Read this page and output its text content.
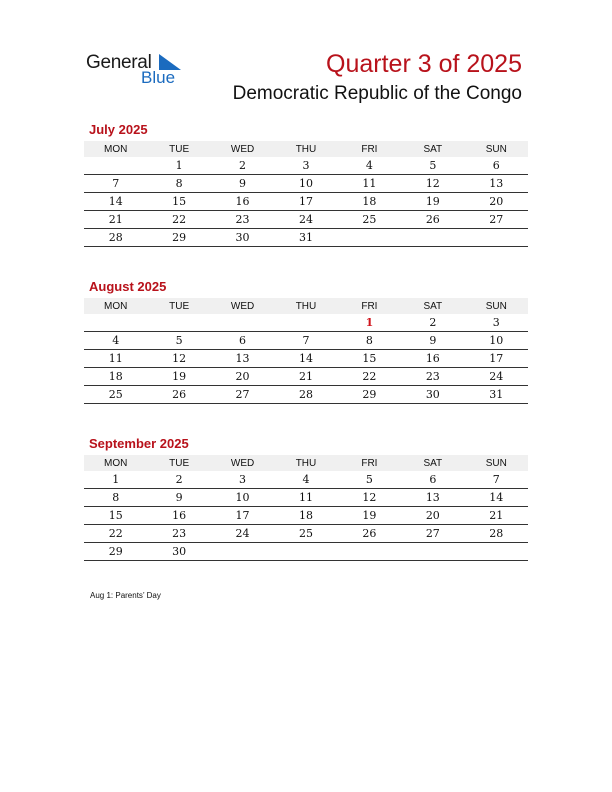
General
Blue	Quarter 3 of 2025
Democratic Republic of the Congo
July 2025
MON	TUE	WED	THU	FRI	SAT	SUN
	1	2	3	4	5	6
7	8	9	10	11	12	13
14	15	16	17	18	19	20
21	22	23	24	25	26	27
28	29	30	31			
August 2025
MON	TUE	WED	THU	FRI	SAT	SUN
				1	2	3
4	5	6	7	8	9	10
11	12	13	14	15	16	17
18	19	20	21	22	23	24
25	26	27	28	29	30	31
September 2025
MON	TUE	WED	THU	FRI	SAT	SUN
1	2	3	4	5	6	7
8	9	10	11	12	13	14
15	16	17	18	19	20	21
22	23	24	25	26	27	28
29	30					
Aug 1: Parents’ Day
